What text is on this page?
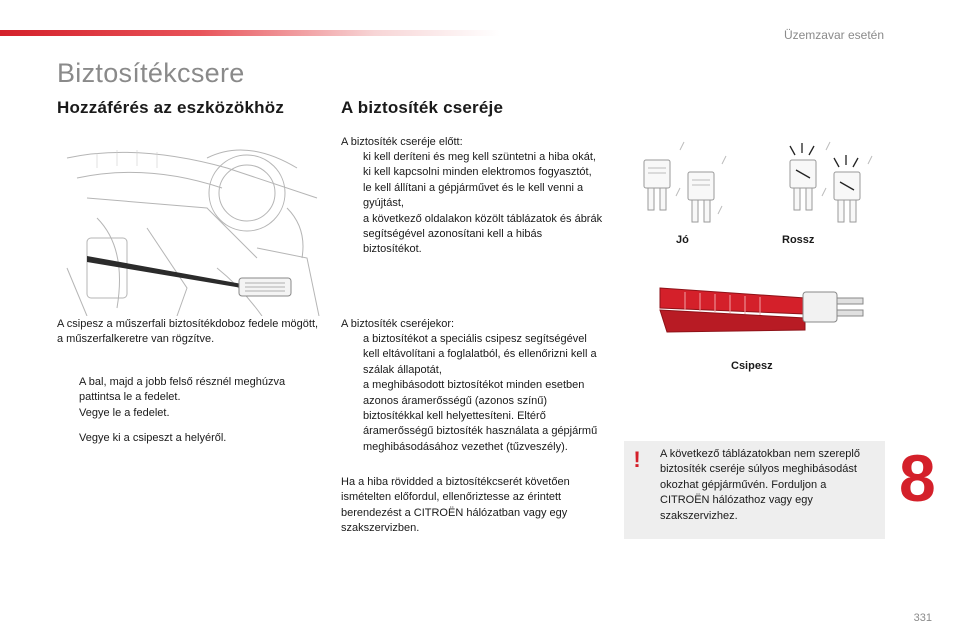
Üzemzavar esetén
Biztosítékcsere
Hozzáférés az eszközökhöz
A csipesz a műszerfali biztosítékdoboz fedele mögött, a műszerfalkeretre van rögzítve.
A bal, majd a jobb felső résznél meghúzva pattintsa le a fedelet.
Vegye le a fedelet.
Vegye ki a csipeszt a helyéről.
A biztosíték cseréje
A biztosíték cseréje előtt:
ki kell deríteni és meg kell szüntetni a hiba okát,
ki kell kapcsolni minden elektromos fogyasztót,
le kell állítani a gépjárművet és le kell venni a gyújtást,
a következő oldalakon közölt táblázatok és ábrák segítségével azonosítani kell a hibás biztosítékot.
A biztosíték cseréjekor:
a biztosítékot a speciális csipesz segítségével kell eltávolítani a foglalatból, és ellenőrizni kell a szálak állapotát,
a meghibásodott biztosítékot minden esetben azonos áramerősségű (azonos színű) biztosítékkal kell helyettesíteni. Eltérő áramerősségű biztosíték használata a gépjármű meghibásodásához vezethet (tűzveszély).
Ha a hiba rövidded a biztosítékcserét követően ismételten előfordul, ellenőriztesse az érintett berendezést a CITROËN hálózatban vagy egy szakszervizben.
Jó	Rossz
Csipesz
!	A következő táblázatokban nem szereplő biztosíték cseréje súlyos meghibásodást okozhat gépjárművén. Forduljon a CITROËN hálózathoz vagy egy szakszervizhez.
8
331
